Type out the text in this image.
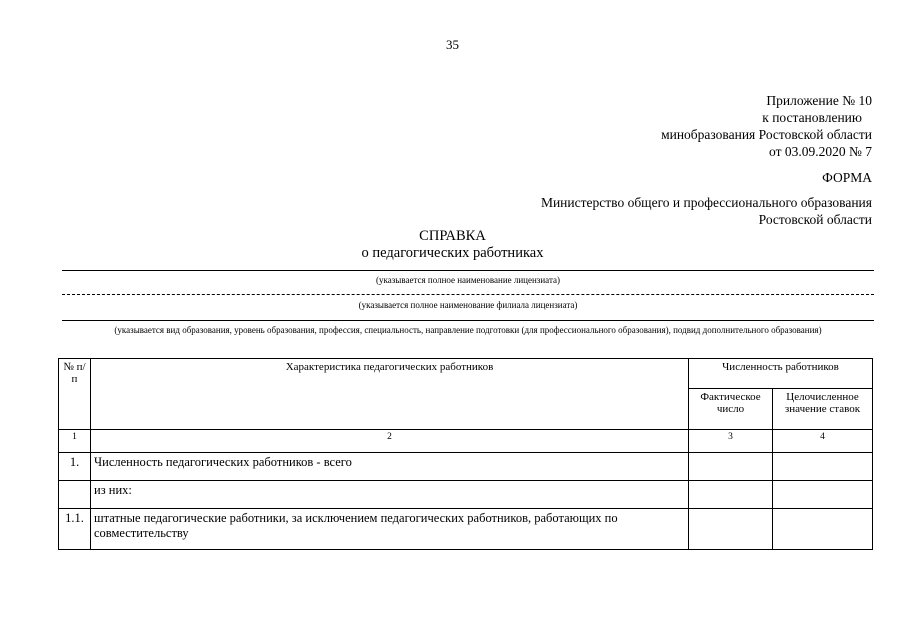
35
Приложение № 10
к постановлению
минобразования Ростовской области
от 03.09.2020 № 7
ФОРМА
Министерство общего и профессионального образования
Ростовской области
СПРАВКА
о педагогических работниках
(указывается полное наименование лицензиата)
(указывается полное наименование филиала лицензиата)
(указывается вид образования, уровень образования, профессия, специальность, направление подготовки (для профессионального образования), подвид дополнительного образования)
№ п/п	Характеристика педагогических работников	Численность работников	
		Фактическое число	Целочисленное значение ставок
1	2	3	4
1.	Численность педагогических работников - всего		
	из них:		
1.1.	штатные педагогические работники, за исключением педагогических работников, работающих по совместительству		
